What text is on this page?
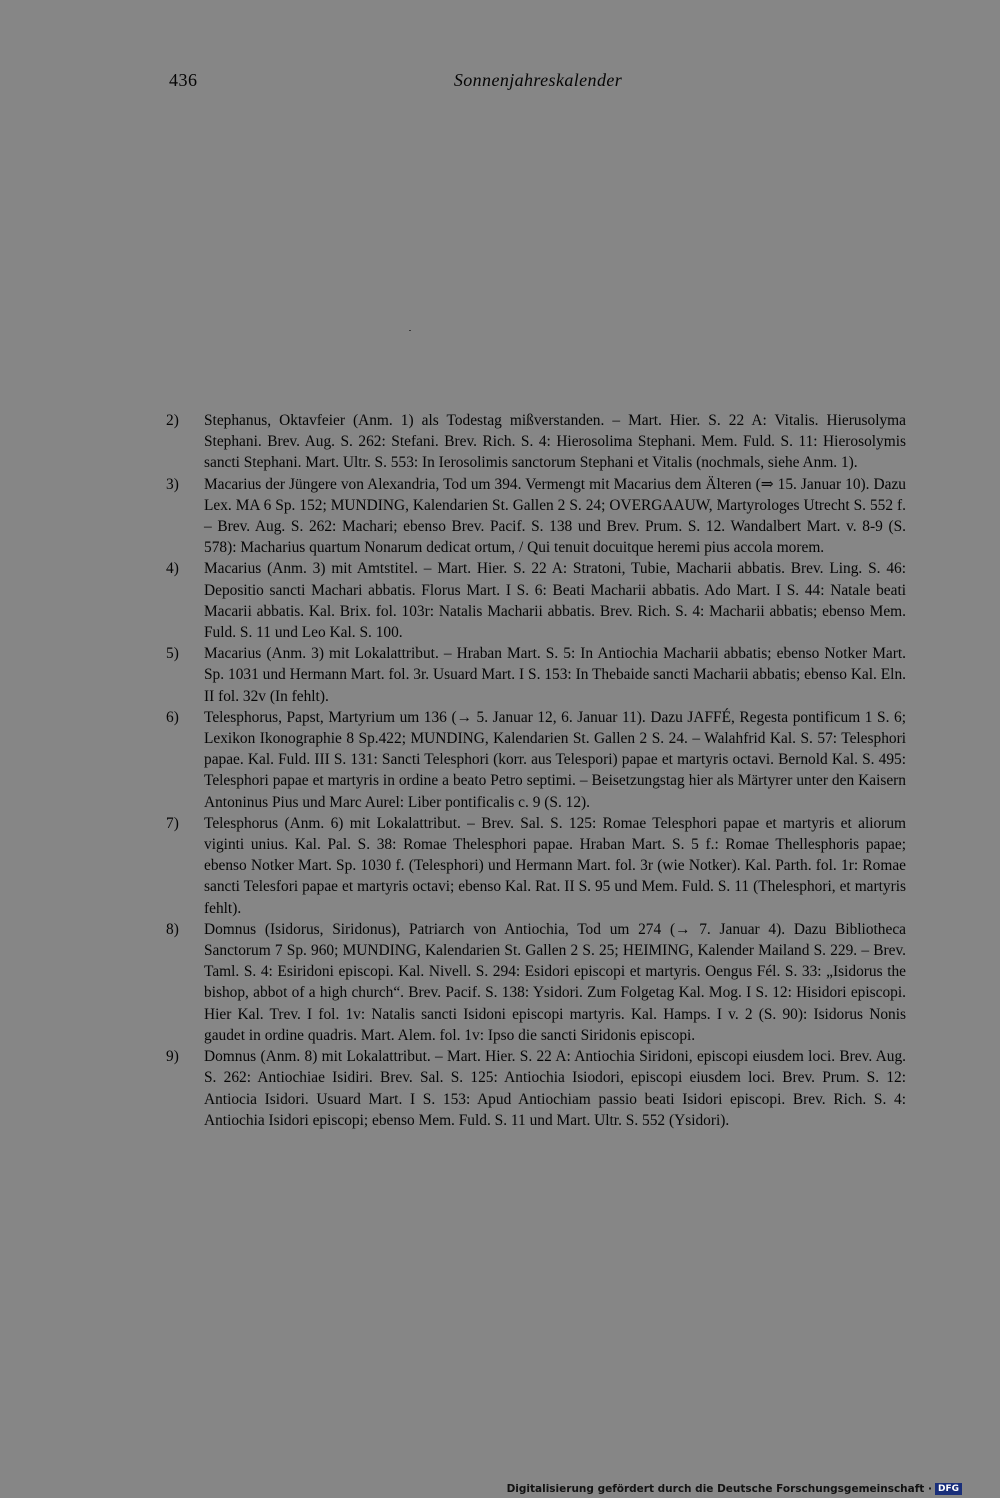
436	Sonnenjahreskalender
2) Stephanus, Oktavfeier (Anm. 1) als Todestag mißverstanden. – Mart. Hier. S. 22 A: Vitalis. Hierusolyma Stephani. Brev. Aug. S. 262: Stefani. Brev. Rich. S. 4: Hierosolima Stephani. Mem. Fuld. S. 11: Hierosolymis sancti Stephani. Mart. Ultr. S. 553: In Ierosolimis sanctorum Stephani et Vitalis (nochmals, siehe Anm. 1).
3) Macarius der Jüngere von Alexandria, Tod um 394. Vermengt mit Macarius dem Älteren (⇒ 15. Januar 10). Dazu Lex. MA 6 Sp. 152; MUNDING, Kalendarien St. Gallen 2 S. 24; OVERGAAUW, Martyrologes Utrecht S. 552 f. – Brev. Aug. S. 262: Machari; ebenso Brev. Pacif. S. 138 und Brev. Prum. S. 12. Wandalbert Mart. v. 8-9 (S. 578): Macharius quartum Nonarum dedicat ortum, / Qui tenuit docuitque heremi pius accola morem.
4) Macarius (Anm. 3) mit Amtstitel. – Mart. Hier. S. 22 A: Stratoni, Tubie, Macharii abbatis. Brev. Ling. S. 46: Depositio sancti Machari abbatis. Florus Mart. I S. 6: Beati Macharii abbatis. Ado Mart. I S. 44: Natale beati Macarii abbatis. Kal. Brix. fol. 103r: Natalis Macharii abbatis. Brev. Rich. S. 4: Macharii abbatis; ebenso Mem. Fuld. S. 11 und Leo Kal. S. 100.
5) Macarius (Anm. 3) mit Lokalattribut. – Hraban Mart. S. 5: In Antiochia Macharii abbatis; ebenso Notker Mart. Sp. 1031 und Hermann Mart. fol. 3r. Usuard Mart. I S. 153: In Thebaide sancti Macharii abbatis; ebenso Kal. Eln. II fol. 32v (In fehlt).
6) Telesphorus, Papst, Martyrium um 136 (→ 5. Januar 12, 6. Januar 11). Dazu JAFFÉ, Regesta pontificum 1 S. 6; Lexikon Ikonographie 8 Sp.422; MUNDING, Kalendarien St. Gallen 2 S. 24. – Walahfrid Kal. S. 57: Telesphori papae. Kal. Fuld. III S. 131: Sancti Telesphori (korr. aus Telespori) papae et martyris octavi. Bernold Kal. S. 495: Telesphori papae et martyris in ordine a beato Petro septimi. – Beisetzungstag hier als Märtyrer unter den Kaisern Antoninus Pius und Marc Aurel: Liber pontificalis c. 9 (S. 12).
7) Telesphorus (Anm. 6) mit Lokalattribut. – Brev. Sal. S. 125: Romae Telesphori papae et martyris et aliorum viginti unius. Kal. Pal. S. 38: Romae Thelesphori papae. Hraban Mart. S. 5 f.: Romae Thellesphoris papae; ebenso Notker Mart. Sp. 1030 f. (Telesphori) und Hermann Mart. fol. 3r (wie Notker). Kal. Parth. fol. 1r: Romae sancti Telesfori papae et martyris octavi; ebenso Kal. Rat. II S. 95 und Mem. Fuld. S. 11 (Thelesphori, et martyris fehlt).
8) Domnus (Isidorus, Siridonus), Patriarch von Antiochia, Tod um 274 (→ 7. Januar 4). Dazu Bibliotheca Sanctorum 7 Sp. 960; MUNDING, Kalendarien St. Gallen 2 S. 25; HEIMING, Kalender Mailand S. 229. – Brev. Taml. S. 4: Esiridoni episcopi. Kal. Nivell. S. 294: Esidori episcopi et martyris. Oengus Fél. S. 33: „Isidorus the bishop, abbot of a high church“. Brev. Pacif. S. 138: Ysidori. Zum Folgetag Kal. Mog. I S. 12: Hisidori episcopi. Hier Kal. Trev. I fol. 1v: Natalis sancti Isidoni episcopi martyris. Kal. Hamps. I v. 2 (S. 90): Isidorus Nonis gaudet in ordine quadris. Mart. Alem. fol. 1v: Ipso die sancti Siridonis episcopi.
9) Domnus (Anm. 8) mit Lokalattribut. – Mart. Hier. S. 22 A: Antiochia Siridoni, episcopi eiusdem loci. Brev. Aug. S. 262: Antiochiae Isidiri. Brev. Sal. S. 125: Antiochia Isiodori, episcopi eiusdem loci. Brev. Prum. S. 12: Antiocia Isidori. Usuard Mart. I S. 153: Apud Antiochiam passio beati Isidori episcopi. Brev. Rich. S. 4: Antiochia Isidori episcopi; ebenso Mem. Fuld. S. 11 und Mart. Ultr. S. 552 (Ysidori).
Digitalisierung gefördert durch die Deutsche Forschungsgemeinschaft · DFG
